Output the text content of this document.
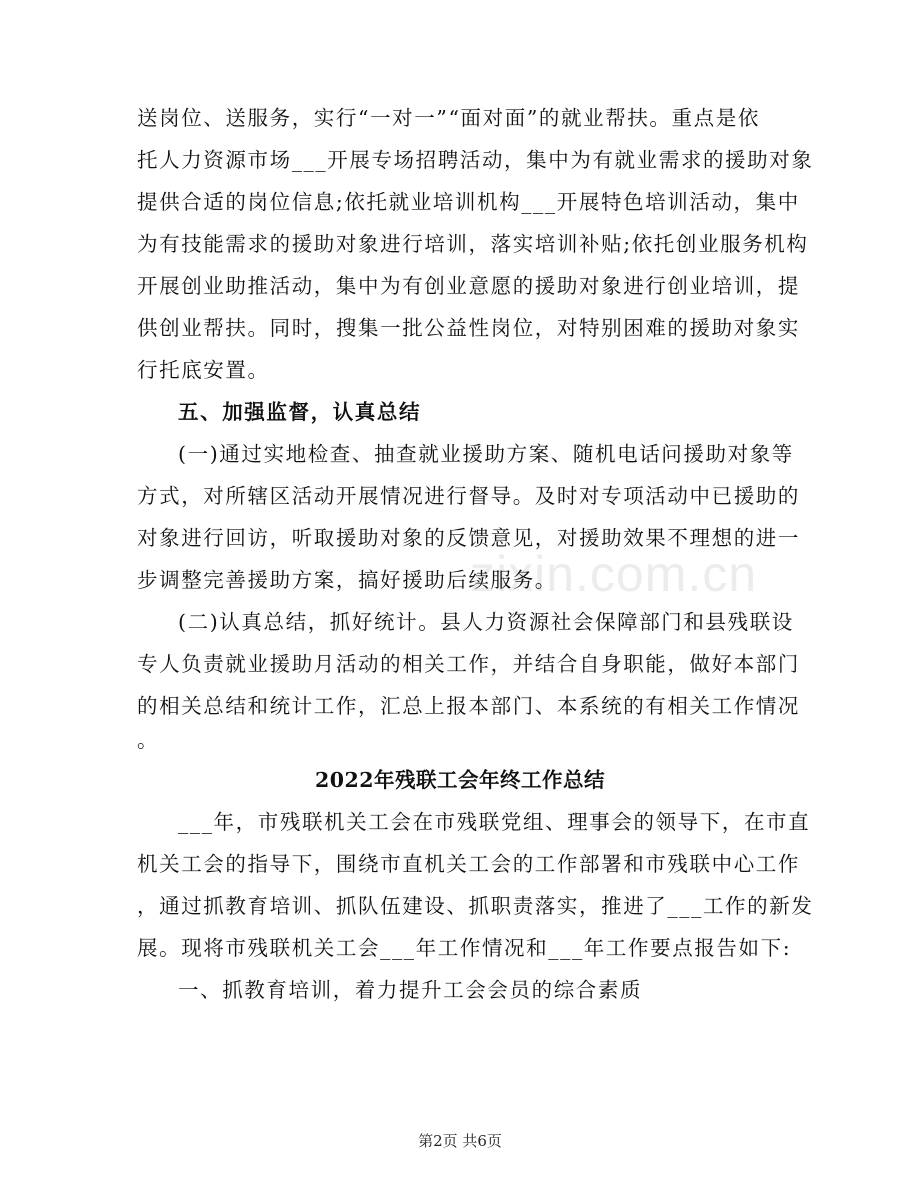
zixin.com.cn
送岗位、送服务，实行“一对一”“面对面”的就业帮扶。重点是依
托人力资源市场___开展专场招聘活动，集中为有就业需求的援助对象
提供合适的岗位信息;依托就业培训机构___开展特色培训活动，集中
为有技能需求的援助对象进行培训，落实培训补贴;依托创业服务机构
开展创业助推活动，集中为有创业意愿的援助对象进行创业培训，提
供创业帮扶。同时，搜集一批公益性岗位，对特别困难的援助对象实
行托底安置。
五、加强监督，认真总结
(一)通过实地检查、抽查就业援助方案、随机电话问援助对象等
方式，对所辖区活动开展情况进行督导。及时对专项活动中已援助的
对象进行回访，听取援助对象的反馈意见，对援助效果不理想的进一
步调整完善援助方案，搞好援助后续服务。
(二)认真总结，抓好统计。县人力资源社会保障部门和县残联设
专人负责就业援助月活动的相关工作，并结合自身职能，做好本部门
的相关总结和统计工作，汇总上报本部门、本系统的有相关工作情况
。
2022年残联工会年终工作总结
___年，市残联机关工会在市残联党组、理事会的领导下，在市直
机关工会的指导下，围绕市直机关工会的工作部署和市残联中心工作
，通过抓教育培训、抓队伍建设、抓职责落实，推进了___工作的新发
展。现将市残联机关工会___年工作情况和___年工作要点报告如下:
一、抓教育培训，着力提升工会会员的综合素质
第2页 共6页
